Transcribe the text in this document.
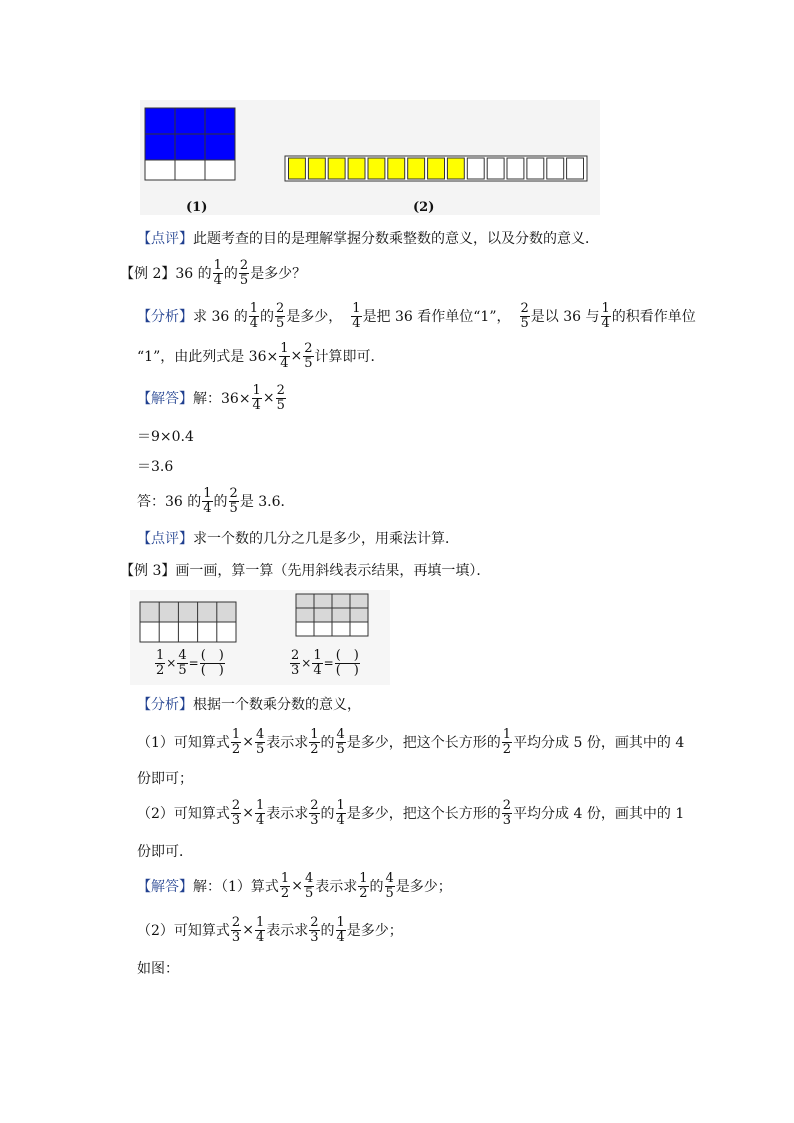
(1)	(2)
【点评】 此题考查的目的是理解掌握分数乘整数的意义，以及分数的意义．
【例 2】 36 的 $\frac{1}{4}$ 的 $\frac{2}{5}$ 是多少？
【分析】 求 36 的 $\frac{1}{4}$ 的 $\frac{2}{5}$ 是多少， $\frac{1}{4}$ 是把 36 看作单位“1”， $\frac{2}{5}$ 是以 36 与 $\frac{1}{4}$ 的积看作单位
“1”，由此列式是 $36\times \frac{1}{4} \times \frac{2}{5}$ 计算即可．
【解答】 解：$36\times \frac{1}{4} \times \frac{2}{5}$
＝9×0.4
＝3.6
答：36 的 $\frac{1}{4}$ 的 $\frac{2}{5}$ 是 3.6．
【点评】 求一个数的几分之几是多少，用乘法计算．
【例 3】 画一画，算一算（先用斜线表示结果，再填一填）．
$\frac{1}{2} \times \frac{4}{5} = \frac{( )}{( )}$	$\frac{2}{3} \times \frac{1}{4} = \frac{( )}{( )}$
【分析】 根据一个数乘分数的意义，
（1）可知算式 $\frac{1}{2} \times \frac{4}{5}$ 表示求 $\frac{1}{2}$ 的 $\frac{4}{5}$ 是多少，把这个长方形的 $\frac{1}{2}$ 平均分成 5 份，画其中的 4
份即可；
（2）可知算式 $\frac{2}{3} \times \frac{1}{4}$ 表示求 $\frac{2}{3}$ 的 $\frac{1}{4}$ 是多少，把这个长方形的 $\frac{2}{3}$ 平均分成 4 份，画其中的 1
份即可．
【解答】 解：（1）算式 $\frac{1}{2} \times \frac{4}{5}$ 表示求 $\frac{1}{2}$ 的 $\frac{4}{5}$ 是多少；
（2）可知算式 $\frac{2}{3} \times \frac{1}{4}$ 表示求 $\frac{2}{3}$ 的 $\frac{1}{4}$ 是多少；
如图：
